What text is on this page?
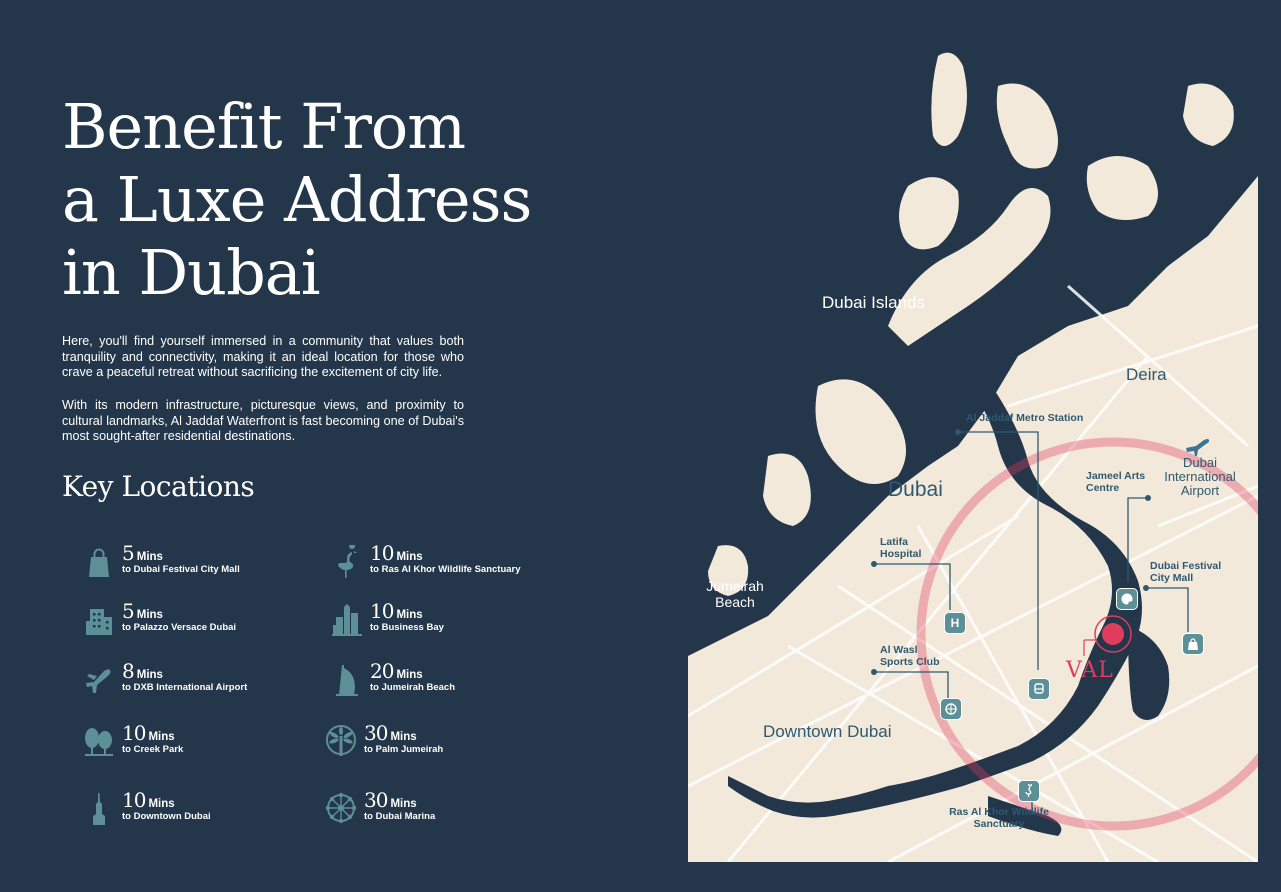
Benefit From
a Luxe Address
in Dubai

Here, you'll find yourself immersed in a community that values both tranquility and connectivity, making it an ideal location for those who crave a peaceful retreat without sacrificing the excitement of city life.

With its modern infrastructure, picturesque views, and proximity to cultural landmarks, Al Jaddaf Waterfront is fast becoming one of Dubai's most sought-after residential destinations.

Key Locations
5 Mins
to Dubai Festival City Mall
5 Mins
to Palazzo Versace Dubai
8 Mins
to DXB International Airport
10 Mins
to Creek Park
10 Mins
to Downtown Dubai
10 Mins
to Ras Al Khor Wildlife Sanctuary
10 Mins
to Business Bay
20 Mins
to Jumeirah Beach
30 Mins
to Palm Jumeirah
30 Mins
to Dubai Marina
Dubai Islands
Deira
Dubai
Jumeirah Beach
Downtown Dubai
Dubai International Airport
Al Jaddaf Metro Station
Jameel Arts Centre
Latifa Hospital
Dubai Festival City Mall
Al Wasl Sports Club
Ras Al Khor Wildlife Sanctuary
VAL
H
